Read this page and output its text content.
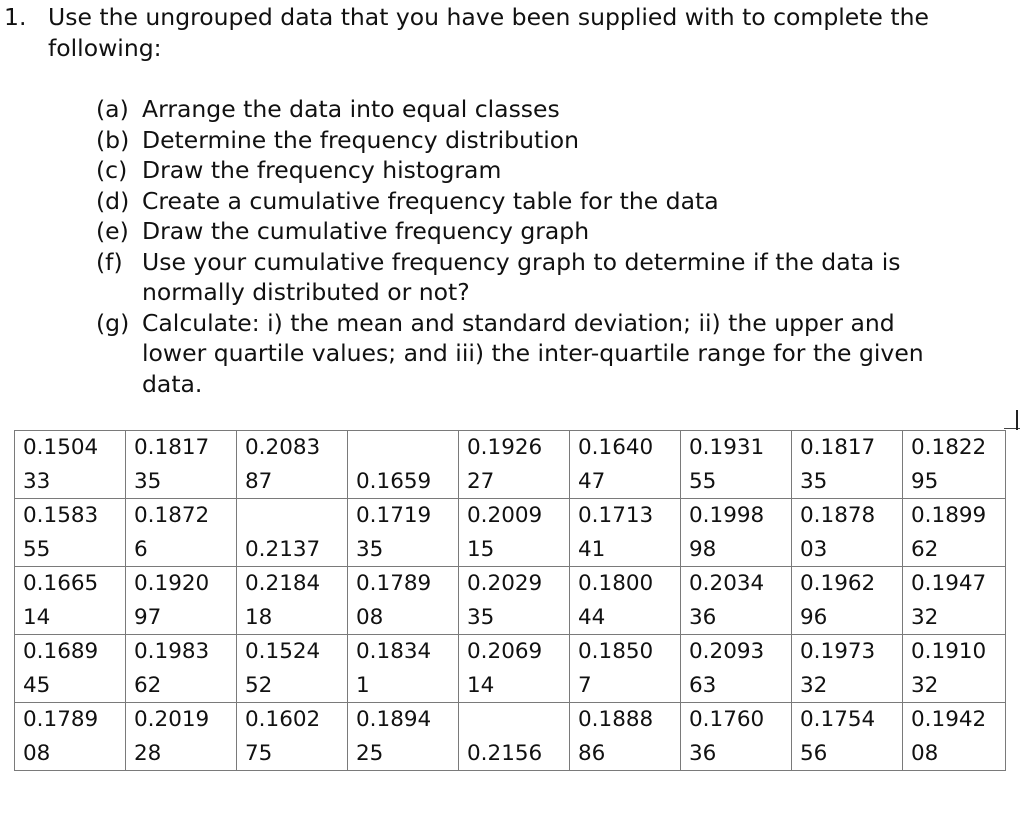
1. Use the ungrouped data that you have been supplied with to complete the
following:
(a) Arrange the data into equal classes
(b) Determine the frequency distribution
(c) Draw the frequency histogram
(d) Create a cumulative frequency table for the data
(e) Draw the cumulative frequency graph
(f) Use your cumulative frequency graph to determine if the data is
normally distributed or not?
(g) Calculate: i) the mean and standard deviation; ii) the upper and
lower quartile values; and iii) the inter-quartile range for the given
data.
0.1504	0.1817	0.2083		0.1926	0.1640	0.1931	0.1817	0.1822
33	35	87	0.1659	27	47	55	35	95
0.1583	0.1872		0.1719	0.2009	0.1713	0.1998	0.1878	0.1899
55	6	0.2137	35	15	41	98	03	62
0.1665	0.1920	0.2184	0.1789	0.2029	0.1800	0.2034	0.1962	0.1947
14	97	18	08	35	44	36	96	32
0.1689	0.1983	0.1524	0.1834	0.2069	0.1850	0.2093	0.1973	0.1910
45	62	52	1	14	7	63	32	32
0.1789	0.2019	0.1602	0.1894		0.1888	0.1760	0.1754	0.1942
08	28	75	25	0.2156	86	36	56	08
